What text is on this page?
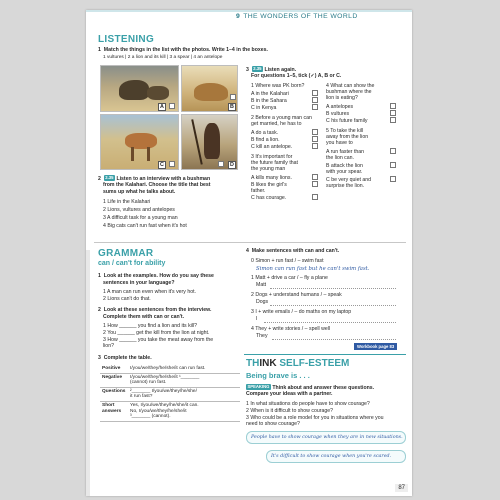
9 THE WONDERS OF THE WORLD
LISTENING
1 Match the things in the list with the photos. Write 1–4 in the boxes.
1 vultures | 2 a lion and its kill | 3 a spear | 4 an antelope
A	B
C	D
2 2.35 Listen to an interview with a bushman
from the Kalahari. Choose the title that best
sums up what he talks about.
1 Life in the Kalahari
2 Lions, vultures and antelopes
3 A difficult task for a young man
4 Big cats can't run fast when it's hot
3 2.35 Listen again.
For questions 1–5, tick (✓) A, B or C.
1 Where was PK born?
A in the Kalahari
B in the Sahara
C in Kenya
2 Before a young man can
get married, he has to
A do a task.
B find a lion.
C kill an antelope.
3 It's important for
the future family that
the young man
A kills many lions.
B likes the girl's
father.
C has courage.
4 What can show the
bushman where the
lion is eating?
A antelopes
B vultures
C his future family
5 To take the kill
away from the lion
you have to
A run faster than
the lion can.
B attack the lion
with your spear.
C be very quiet and
surprise the lion.
GRAMMAR
can / can't for ability
1 Look at the examples. How do you say these
sentences in your language?
1 A man can run even when it's very hot.
2 Lions can't do that.
2 Look at these sentences from the interview.
Complete them with can or can't.
1 How ______ you find a lion and its kill?
2 You ______ get the kill from the lion at night.
3 How ______ you take the meat away from the
lion?
3 Complete the table.
Positive	I/you/we/they/he/she/it can run fast.

Negative	I/you/we/they/he/she/it ¹_______
(cannot) run fast.

Questions	²_______ I/you/we/they/he/she/
it run fast?

Short answers	Yes, I/you/we/they/he/she/it can.
No, I/you/we/they/he/she/it
³_______ (cannot).
4 Make sentences with can and can't.
0 Simon + run fast / – swim fast
Simon can run fast but he can't swim fast.
1 Matt + drive a car / – fly a plane
Matt
2 Dogs + understand humans / – speak
Dogs
3 I + write emails / – do maths on my laptop
I
4 They + write stories / – spell well
They
Workbook page 83
THINK SELF-ESTEEM
Being brave is . . .
SPEAKING Think about and answer these questions.
Compare your ideas with a partner.
1 In what situations do people have to show courage?
2 When is it difficult to show courage?
3 Who could be a role model for you in situations where you
need to show courage?
People have to show courage when they are in new situations.
It's difficult to show courage when you're scared.
87
